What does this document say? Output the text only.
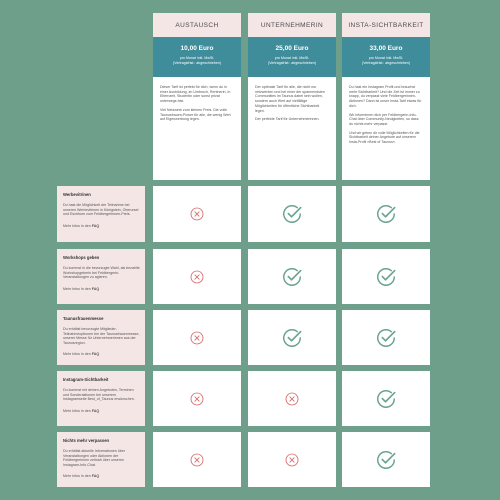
AUSTAUSCH
10,00 Euro
pro Monat inkl. MwSt.
(Vertragsfrist:: abgeschrieben)

Dieser Tarif ist perfekt für dich, wenn du in einer Ausbildung, im Umbruch, Rentnerin, in Elternzeit, Studentin oder sonst privat unterwegs bist.

Viel Netzwerk zum kleinen Preis. Die volle Taunusfrauen-Power für alle, die wenig Wert auf Eigenwerbung legen.

UNTERNEHMERIN
25,00 Euro
pro Monat inkl. MwSt.
(Vertragsfrist:: abgeschrieben)

Der optimale Tarif für alle, die nicht nur netzwerken und bei einer der spannendsten Communities im Taunus dabei sein wollen, sondern auch Wert auf vielfältige Möglichkeiten für öffentliche Sichtbarkeit legen.

Der perfekte Tarif für Unternehmerinnen.

INSTA-SICHTBARKEIT
33,00 Euro
pro Monat inkl. MwSt.
(Vertragsfrist:: abgeschrieben)

Du hast ein Instagram Profil und brauchst mehr Sichtbarkeit? Und die Zeit ist immer zu knapp, du verpasst viele Feldbergerinnen-Aktionen? Dann ist unser Insta-Tarif etwas für dich.

Wir informieren dich per Feldbergerin-Info-Chat über Community-Neuigkeiten, so dass du nichts mehr verpasst.

Und wir geben dir volle Möglichkeiten für die Sichtbarkeit deiner Angebote auf unserem Insta-Profil »Best of Taunus«.

Werbevitrinen
Du hast die Möglichkeit der Teilnahme bei unseren Werbevitrinen in Königstein, Oberursel und Eschborn zum Feldbergerinnen-Preis.
Mehr Infos in den FAQ
Workshops geben
Du kommst in die bevorzugte Wahl, als bezahlte Workshopgeberin bei Feldbergerin-Veranstaltungen zu agieren.
Mehr Infos in den FAQ
Taunusfrauenmesse
Du erhältst bevorzugte Mitglieder-Teilnahmeoptionen bei der Taunusfrauenmesse, unserer Messe für Unternehmerinnen aus der Taunusregion.
Mehr Infos in den FAQ
Instagram-Sichtbarkeit
Du kommst mit deinen Angeboten, Terminen und Sonderaktionen bei unserem Instagramseite Best_of_Taunus erwünschen.
Mehr Infos in den FAQ
Nichts mehr verpassen
Du erhältst aktuelle Informationen über Veranstaltungen oder Aktionen der Feldbergerinnen zeitnah über unseren Instagram-Info-Chat.
Mehr Infos in den FAQ
